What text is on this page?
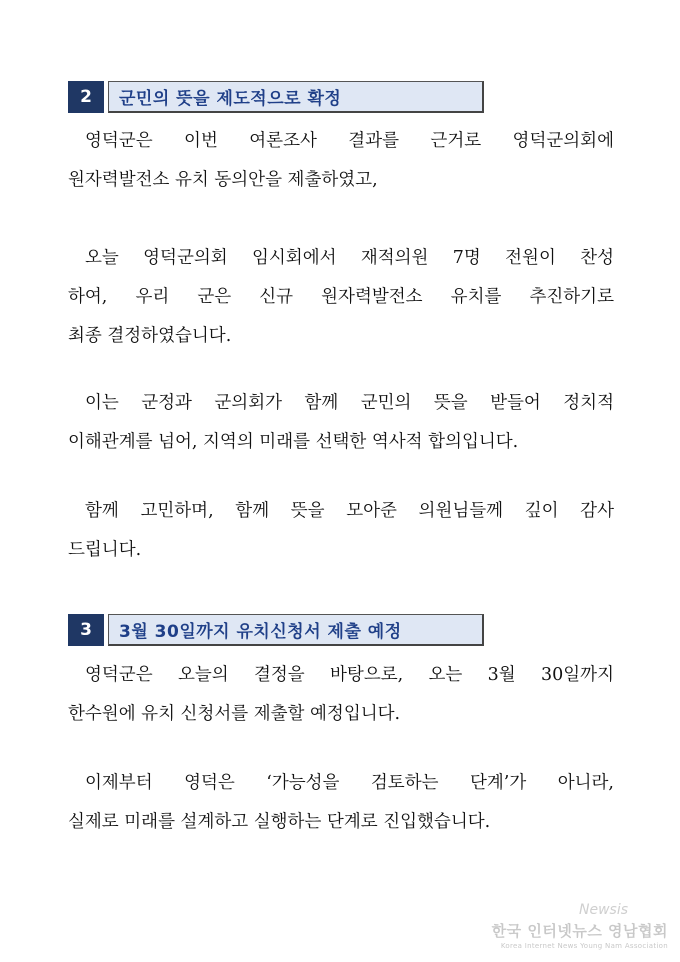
2	군민의 뜻을 제도적으로 확정

영덕군은 이번 여론조사 결과를 근거로 영덕군의회에
원자력발전소 유치 동의안을 제출하였고,

오늘 영덕군의회 임시회에서 재적의원 7명 전원이 찬성
하여, 우리 군은 신규 원자력발전소 유치를 추진하기로
최종 결정하였습니다.

이는 군정과 군의회가 함께 군민의 뜻을 받들어 정치적
이해관계를 넘어, 지역의 미래를 선택한 역사적 합의입니다.

함께 고민하며, 함께 뜻을 모아준 의원님들께 깊이 감사
드립니다.

3	3월 30일까지 유치신청서 제출 예정

영덕군은 오늘의 결정을 바탕으로, 오는 3월 30일까지
한수원에 유치 신청서를 제출할 예정입니다.

이제부터 영덕은 ‘가능성을 검토하는 단계’가 아니라,
실제로 미래를 설계하고 실행하는 단계로 진입했습니다.

Newsis
한국 인터넷뉴스 영남협회
Korea Internet News Young Nam Association
